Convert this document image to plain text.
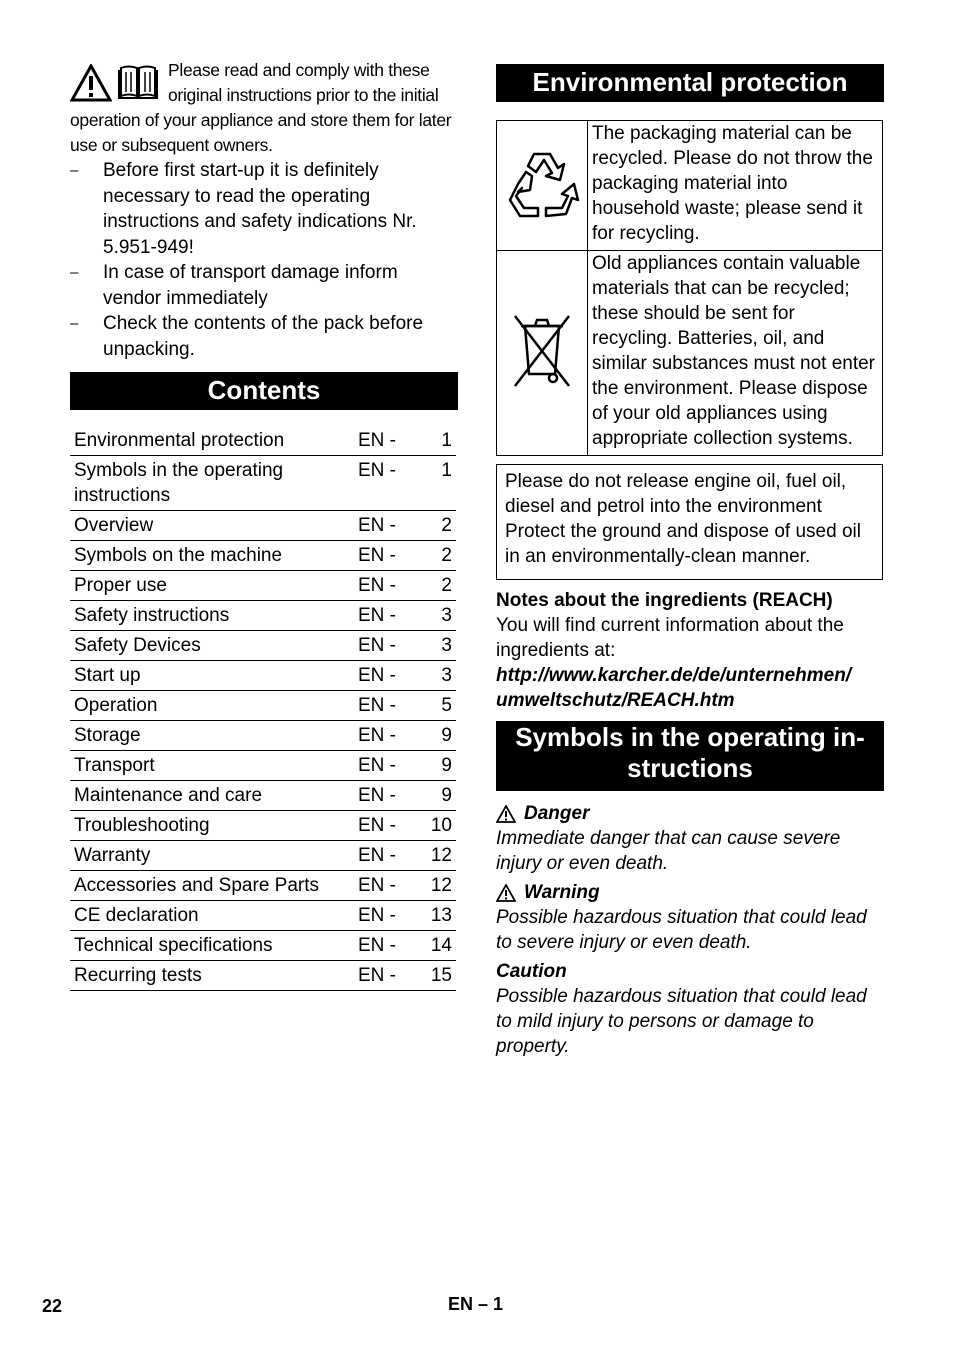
Please read and comply with these original instructions prior to the initial operation of your appliance and store them for later use or subsequent owners.

– Before first start-up it is definitely necessary to read the operating instructions and safety indications Nr. 5.951-949!
– In case of transport damage inform vendor immediately
– Check the contents of the pack before unpacking.
Contents
Environmental protection	EN -	1
Symbols in the operating instructions	EN -	1
Overview	EN -	2
Symbols on the machine	EN -	2
Proper use	EN -	2
Safety instructions	EN -	3
Safety Devices	EN -	3
Start up	EN -	3
Operation	EN -	5
Storage	EN -	9
Transport	EN -	9
Maintenance and care	EN -	9
Troubleshooting	EN -	10
Warranty	EN -	12
Accessories and Spare Parts	EN -	12
CE declaration	EN -	13
Technical specifications	EN -	14
Recurring tests	EN -	15
Environmental protection
	The packaging material can be recycled. Please do not throw the packaging material into household waste; please send it for recycling.
	Old appliances contain valuable materials that can be recycled; these should be sent for recycling. Batteries, oil, and similar substances must not enter the environment. Please dispose of your old appliances using appropriate collection systems.
Please do not release engine oil, fuel oil, diesel and petrol into the environment Protect the ground and dispose of used oil in an environmentally-clean manner.
Notes about the ingredients (REACH)
You will find current information about the ingredients at:
http://www.karcher.de/de/unternehmen/
umweltschutz/REACH.htm
Symbols in the operating in-
structions
Danger
Immediate danger that can cause severe injury or even death.
Warning
Possible hazardous situation that could lead to severe injury or even death.
Caution
Possible hazardous situation that could lead to mild injury to persons or damage to property.
22	EN – 1
